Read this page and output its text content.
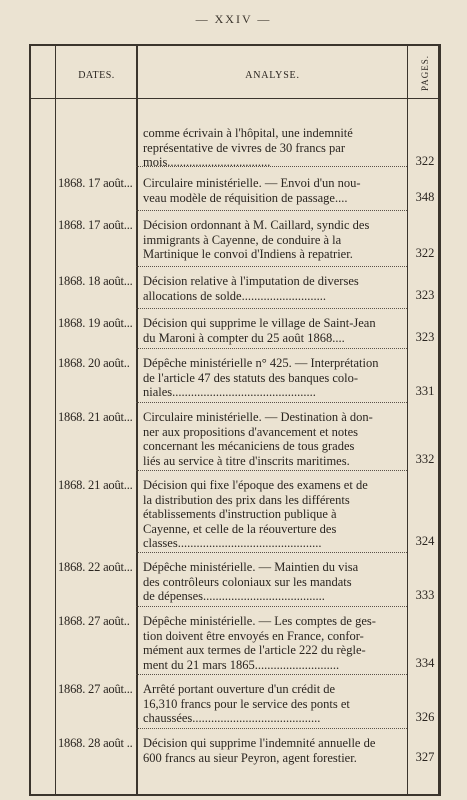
— XXIV —
DATES.	ANALYSE.	PAGES.
comme écrivain à l'hôpital, une indemnité
représentative de vivres de 30 francs par
mois.................................	322
1868. 17 août... Circulaire ministérielle. — Envoi d'un nou-
veau modèle de réquisition de passage....	348
1868. 17 août... Décision ordonnant à M. Caillard, syndic des
immigrants à Cayenne, de conduire à la
Martinique le convoi d'Indiens à repatrier.	322
1868. 18 août... Décision relative à l'imputation de diverses
allocations de solde...........................	323
1868. 19 août... Décision qui supprime le village de Saint-Jean
du Maroni à compter du 25 août 1868....	323
1868. 20 août..	Dépêche ministérielle n° 425. — Interprétation
de l'article 47 des statuts des banques colo-
niales..............................................	331
1868. 21 août... Circulaire ministérielle. — Destination à don-
ner aux propositions d'avancement et notes
concernant les mécaniciens de tous grades
liés au service à titre d'inscrits maritimes.	332
1868. 21 août... Décision qui fixe l'époque des examens et de
la distribution des prix dans les différents
établissements d'instruction publique à
Cayenne, et celle de la réouverture des
classes..............................................	324
1868. 22 août... Dépêche ministérielle. — Maintien du visa
des contrôleurs coloniaux sur les mandats
de dépenses.......................................	333
1868. 27 août..	Dépêche ministérielle. — Les comptes de ges-
tion doivent être envoyés en France, confor-
mément aux termes de l'article 222 du règle-
ment du 21 mars 1865...........................	334
1868. 27 août... Arrêté portant ouverture d'un crédit de
16,310 francs pour le service des ponts et
chaussées.........................................	326
1868. 28 août .. Décision qui supprime l'indemnité annuelle de
600 francs au sieur Peyron, agent forestier.	327
